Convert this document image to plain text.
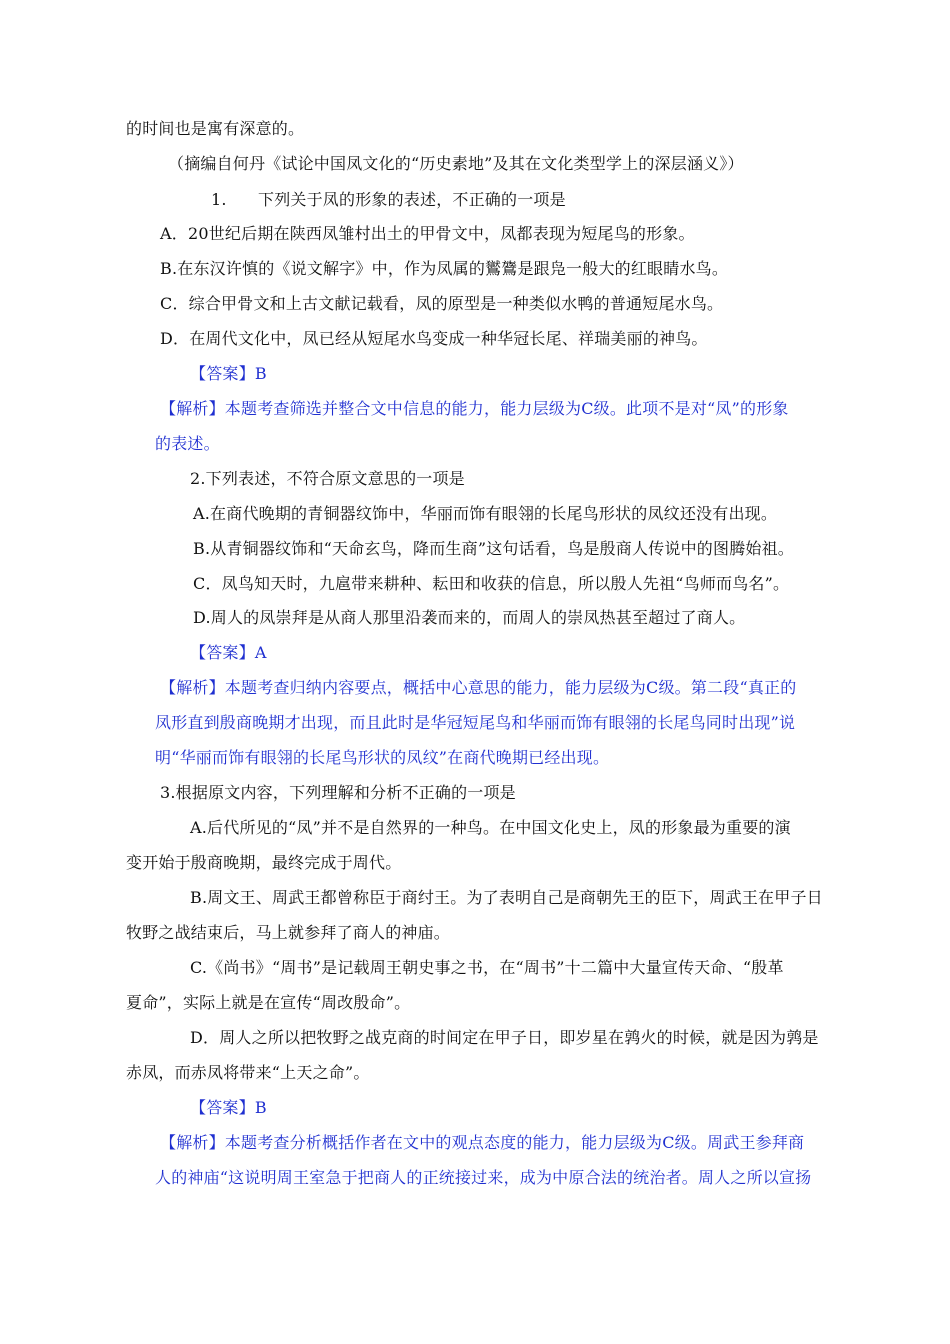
的时间也是寓有深意的。
（摘编自何丹《试论中国凤文化的“历史素地”及其在文化类型学上的深层涵义》）
1. 下列关于凤的形象的表述，不正确的一项是
A．20世纪后期在陕西凤雏村出土的甲骨文中，凤都表现为短尾鸟的形象。
B.在东汉许慎的《说文解字》中，作为凤属的鸑鷟是跟凫一般大的红眼睛水鸟。
C．综合甲骨文和上古文献记载看，凤的原型是一种类似水鸭的普通短尾水鸟。
D．在周代文化中，凤已经从短尾水鸟变成一种华冠长尾、祥瑞美丽的神鸟。
【答案】B
【解析】本题考查筛选并整合文中信息的能力，能力层级为C级。此项不是对“凤”的形象
的表述。
2.下列表述，不符合原文意思的一项是
A.在商代晚期的青铜器纹饰中，华丽而饰有眼翎的长尾鸟形状的凤纹还没有出现。
B.从青铜器纹饰和“天命玄鸟，降而生商”这句话看，鸟是殷商人传说中的图腾始祖。
C．凤鸟知天时，九扈带来耕种、耘田和收获的信息，所以殷人先祖“鸟师而鸟名”。
D.周人的凤崇拜是从商人那里沿袭而来的，而周人的崇凤热甚至超过了商人。
【答案】A
【解析】本题考查归纳内容要点，概括中心意思的能力，能力层级为C级。第二段“真正的
凤形直到殷商晚期才出现，而且此时是华冠短尾鸟和华丽而饰有眼翎的长尾鸟同时出现”说
明“华丽而饰有眼翎的长尾鸟形状的凤纹”在商代晚期已经出现。
3.根据原文内容，下列理解和分析不正确的一项是
A.后代所见的“凤”并不是自然界的一种鸟。在中国文化史上，凤的形象最为重要的演
变开始于殷商晚期，最终完成于周代。
B.周文王、周武王都曾称臣于商纣王。为了表明自己是商朝先王的臣下，周武王在甲子日
牧野之战结束后，马上就参拜了商人的神庙。
C.《尚书》“周书”是记载周王朝史事之书，在“周书”十二篇中大量宣传天命、“殷革
夏命”，实际上就是在宣传“周改殷命”。
D．周人之所以把牧野之战克商的时间定在甲子日，即岁星在鹑火的时候，就是因为鹑是
赤凤，而赤凤将带来“上天之命”。
【答案】B
【解析】本题考查分析概括作者在文中的观点态度的能力，能力层级为C级。周武王参拜商
人的神庙“这说明周王室急于把商人的正统接过来，成为中原合法的统治者。周人之所以宣扬
